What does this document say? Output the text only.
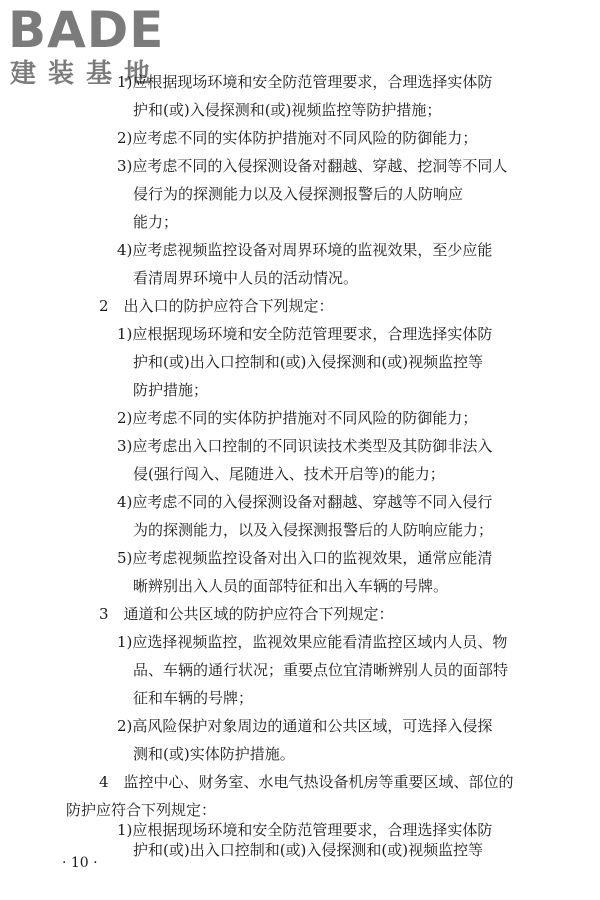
BADE
建装基地
1)应根据现场环境和安全防范管理要求，合理选择实体防
护和(或)入侵探测和(或)视频监控等防护措施；
2)应考虑不同的实体防护措施对不同风险的防御能力；
3)应考虑不同的入侵探测设备对翻越、穿越、挖洞等不同人
侵行为的探测能力以及入侵探测报警后的人防响应
能力；
4)应考虑视频监控设备对周界环境的监视效果，至少应能
看清周界环境中人员的活动情况。
2　出入口的防护应符合下列规定：
1)应根据现场环境和安全防范管理要求，合理选择实体防
护和(或)出入口控制和(或)入侵探测和(或)视频监控等
防护措施；
2)应考虑不同的实体防护措施对不同风险的防御能力；
3)应考虑出入口控制的不同识读技术类型及其防御非法入
侵(强行闯入、尾随进入、技术开启等)的能力；
4)应考虑不同的入侵探测设备对翻越、穿越等不同入侵行
为的探测能力，以及入侵探测报警后的人防响应能力；
5)应考虑视频监控设备对出入口的监视效果，通常应能清
晰辨别出入人员的面部特征和出入车辆的号牌。
3　通道和公共区域的防护应符合下列规定：
1)应选择视频监控，监视效果应能看清监控区域内人员、物
品、车辆的通行状况；重要点位宜清晰辨别人员的面部特
征和车辆的号牌；
2)高风险保护对象周边的通道和公共区域，可选择入侵探
测和(或)实体防护措施。
4　监控中心、财务室、水电气热设备机房等重要区域、部位的
防护应符合下列规定：
1)应根据现场环境和安全防范管理要求，合理选择实体防
护和(或)出入口控制和(或)入侵探测和(或)视频监控等
· 10 ·
